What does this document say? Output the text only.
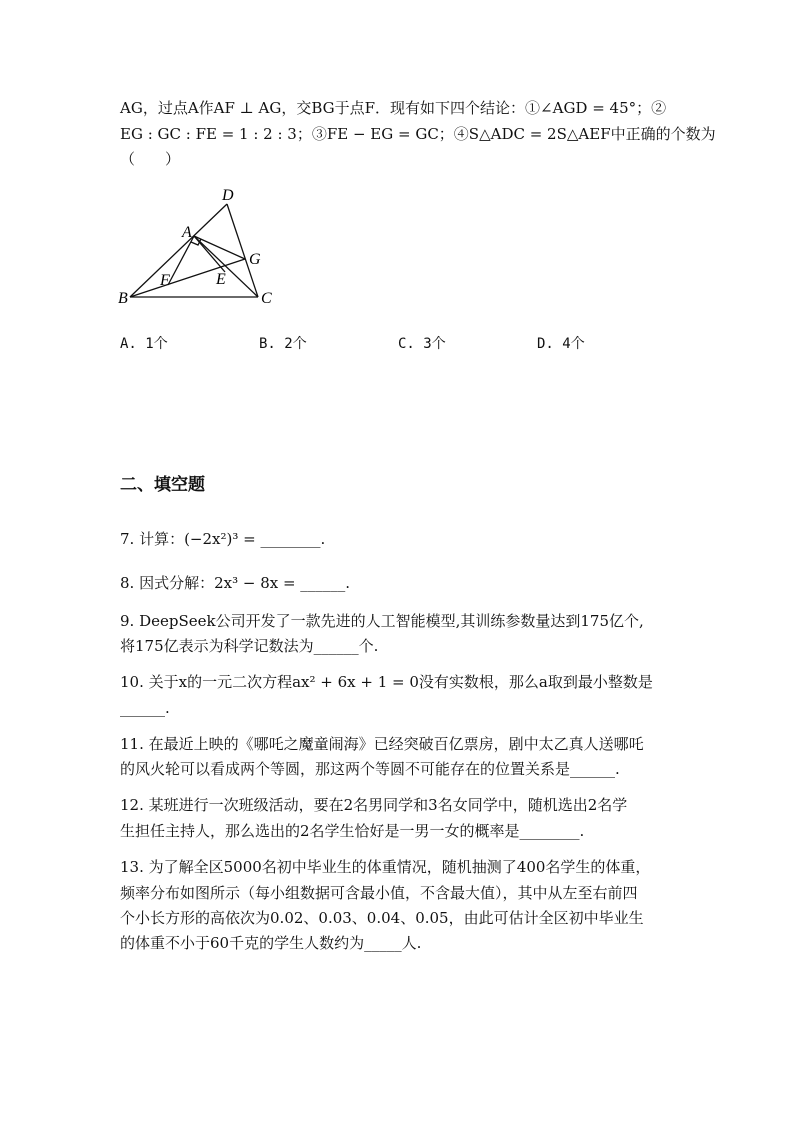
AG，过点A作AF ⊥ AG，交BG于点F．现有如下四个结论：①∠AGD = 45°；②
EG : GC : FE = 1 : 2 : 3；③FE − EG = GC；④S△ADC = 2S△AEF中正确的个数为
（　　）
D
A
G
F	E
B	C
A. 1个	B. 2个	C. 3个	D. 4个
二、填空题
7. 计算：(−2x²)³ = ________.
8. 因式分解：2x³ − 8x = ______.
9. DeepSeek公司开发了一款先进的人工智能模型,其训练参数量达到175亿个,
将175亿表示为科学记数法为______个.
10. 关于x的一元二次方程ax² + 6x + 1 = 0没有实数根，那么a取到最小整数是
______.
11. 在最近上映的《哪吒之魔童闹海》已经突破百亿票房，剧中太乙真人送哪吒
的风火轮可以看成两个等圆，那这两个等圆不可能存在的位置关系是______.
12. 某班进行一次班级活动，要在2名男同学和3名女同学中，随机选出2名学
生担任主持人，那么选出的2名学生恰好是一男一女的概率是________.
13. 为了解全区5000名初中毕业生的体重情况，随机抽测了400名学生的体重，
频率分布如图所示（每小组数据可含最小值，不含最大值），其中从左至右前四
个小长方形的高依次为0.02、0.03、0.04、0.05，由此可估计全区初中毕业生
的体重不小于60千克的学生人数约为_____人.
